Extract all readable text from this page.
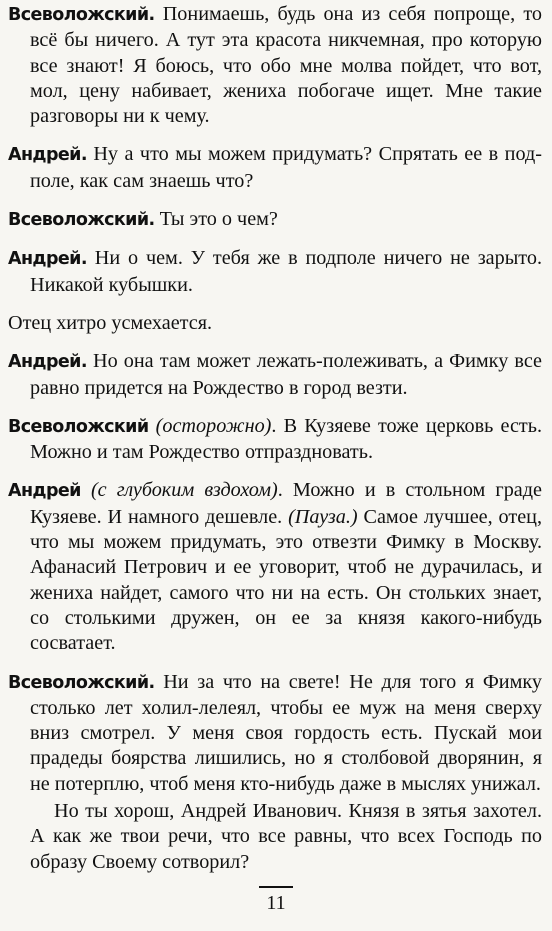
Всеволожский. Понимаешь, будь она из себя попроще, то всё бы ничего. А тут эта красота никчемная, про которую все знают! Я боюсь, что обо мне молва пойдет, что вот, мол, цену набивает, жениха побогаче ищет. Мне такие разговоры ни к чему.

Андрей. Ну а что мы можем придумать? Спрятать ее в подполе, как сам знаешь что?

Всеволожский. Ты это о чем?

Андрей. Ни о чем. У тебя же в подполе ничего не зарыто. Никакой кубышки.

Отец хитро усмехается.

Андрей. Но она там может лежать-полеживать, а Фимку все равно придется на Рождество в город везти.

Всеволожский (осторожно). В Кузяеве тоже церковь есть. Можно и там Рождество отпраздновать.

Андрей (с глубоким вздохом). Можно и в стольном граде Кузяеве. И намного дешевле. (Пауза.) Самое лучшее, отец, что мы можем придумать, это отвезти Фимку в Москву. Афанасий Петрович и ее уговорит, чтоб не дурачилась, и жениха найдет, самого что ни на есть. Он стольких знает, со столькими дружен, он ее за князя какого-нибудь сосватает.

Всеволожский. Ни за что на свете! Не для того я Фимку столько лет холил-лелеял, чтобы ее муж на меня сверху вниз смотрел. У меня своя гордость есть. Пускай мои прадеды боярства лишились, но я столбовой дворянин, я не потерплю, чтоб меня кто-нибудь даже в мыслях унижал.

Но ты хорош, Андрей Иванович. Князя в зятья захотел. А как же твои речи, что все равны, что всех Господь по образу Своему сотворил?

11
